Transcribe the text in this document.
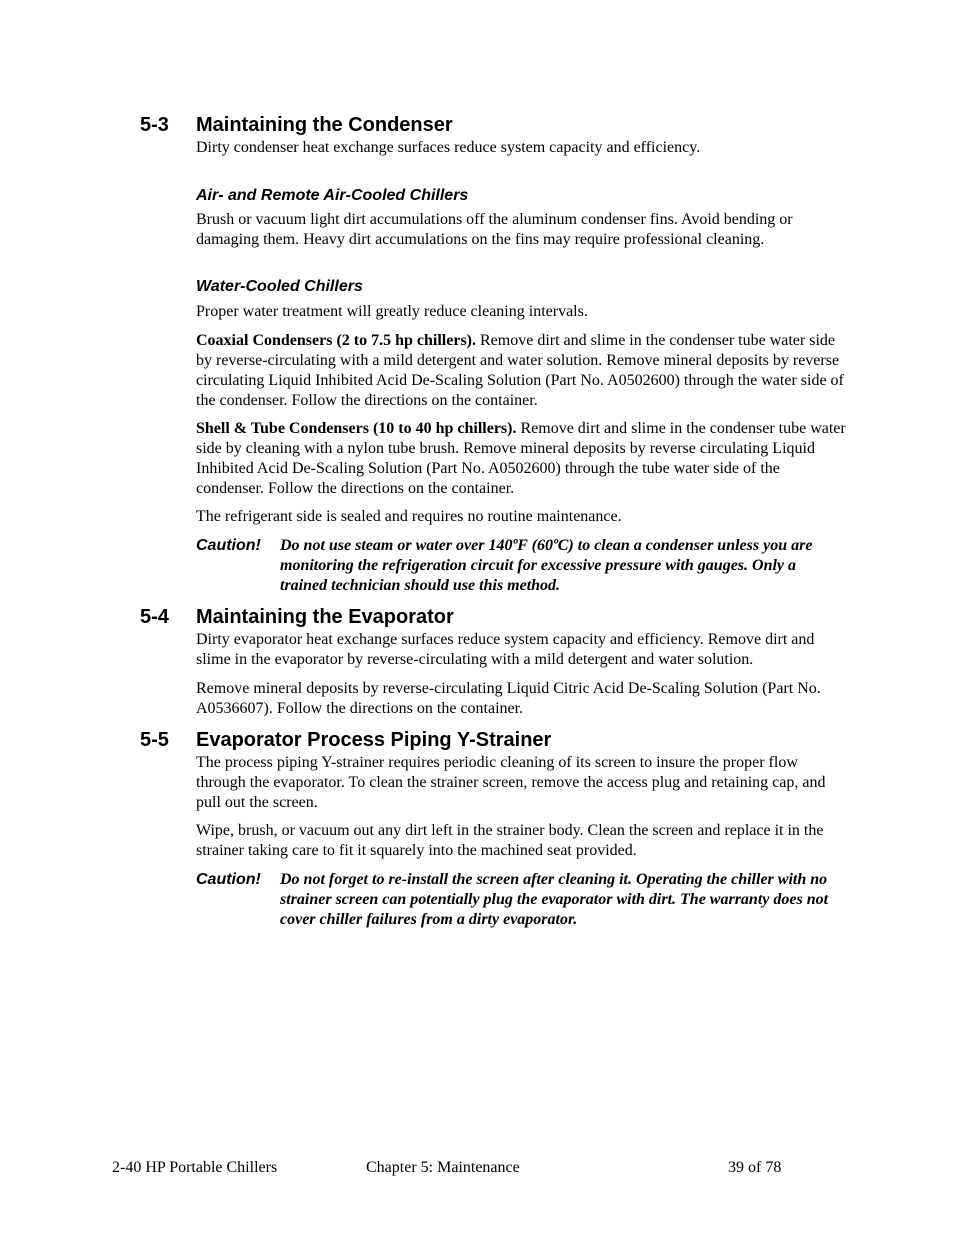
5-3 Maintaining the Condenser
Dirty condenser heat exchange surfaces reduce system capacity and efficiency.
Air- and Remote Air-Cooled Chillers
Brush or vacuum light dirt accumulations off the aluminum condenser fins. Avoid bending or damaging them. Heavy dirt accumulations on the fins may require professional cleaning.
Water-Cooled Chillers
Proper water treatment will greatly reduce cleaning intervals.
Coaxial Condensers (2 to 7.5 hp chillers). Remove dirt and slime in the condenser tube water side by reverse-circulating with a mild detergent and water solution. Remove mineral deposits by reverse circulating Liquid Inhibited Acid De-Scaling Solution (Part No. A0502600) through the water side of the condenser. Follow the directions on the container.
Shell & Tube Condensers (10 to 40 hp chillers). Remove dirt and slime in the condenser tube water side by cleaning with a nylon tube brush. Remove mineral deposits by reverse circulating Liquid Inhibited Acid De-Scaling Solution (Part No. A0502600) through the tube water side of the condenser. Follow the directions on the container.
The refrigerant side is sealed and requires no routine maintenance.
Caution! Do not use steam or water over 140ºF (60ºC) to clean a condenser unless you are monitoring the refrigeration circuit for excessive pressure with gauges. Only a trained technician should use this method.
5-4 Maintaining the Evaporator
Dirty evaporator heat exchange surfaces reduce system capacity and efficiency. Remove dirt and slime in the evaporator by reverse-circulating with a mild detergent and water solution.
Remove mineral deposits by reverse-circulating Liquid Citric Acid De-Scaling Solution (Part No. A0536607). Follow the directions on the container.
5-5 Evaporator Process Piping Y-Strainer
The process piping Y-strainer requires periodic cleaning of its screen to insure the proper flow through the evaporator. To clean the strainer screen, remove the access plug and retaining cap, and pull out the screen.
Wipe, brush, or vacuum out any dirt left in the strainer body. Clean the screen and replace it in the strainer taking care to fit it squarely into the machined seat provided.
Caution! Do not forget to re-install the screen after cleaning it. Operating the chiller with no strainer screen can potentially plug the evaporator with dirt. The warranty does not cover chiller failures from a dirty evaporator.
2-40 HP Portable Chillers	Chapter 5: Maintenance	39 of 78
